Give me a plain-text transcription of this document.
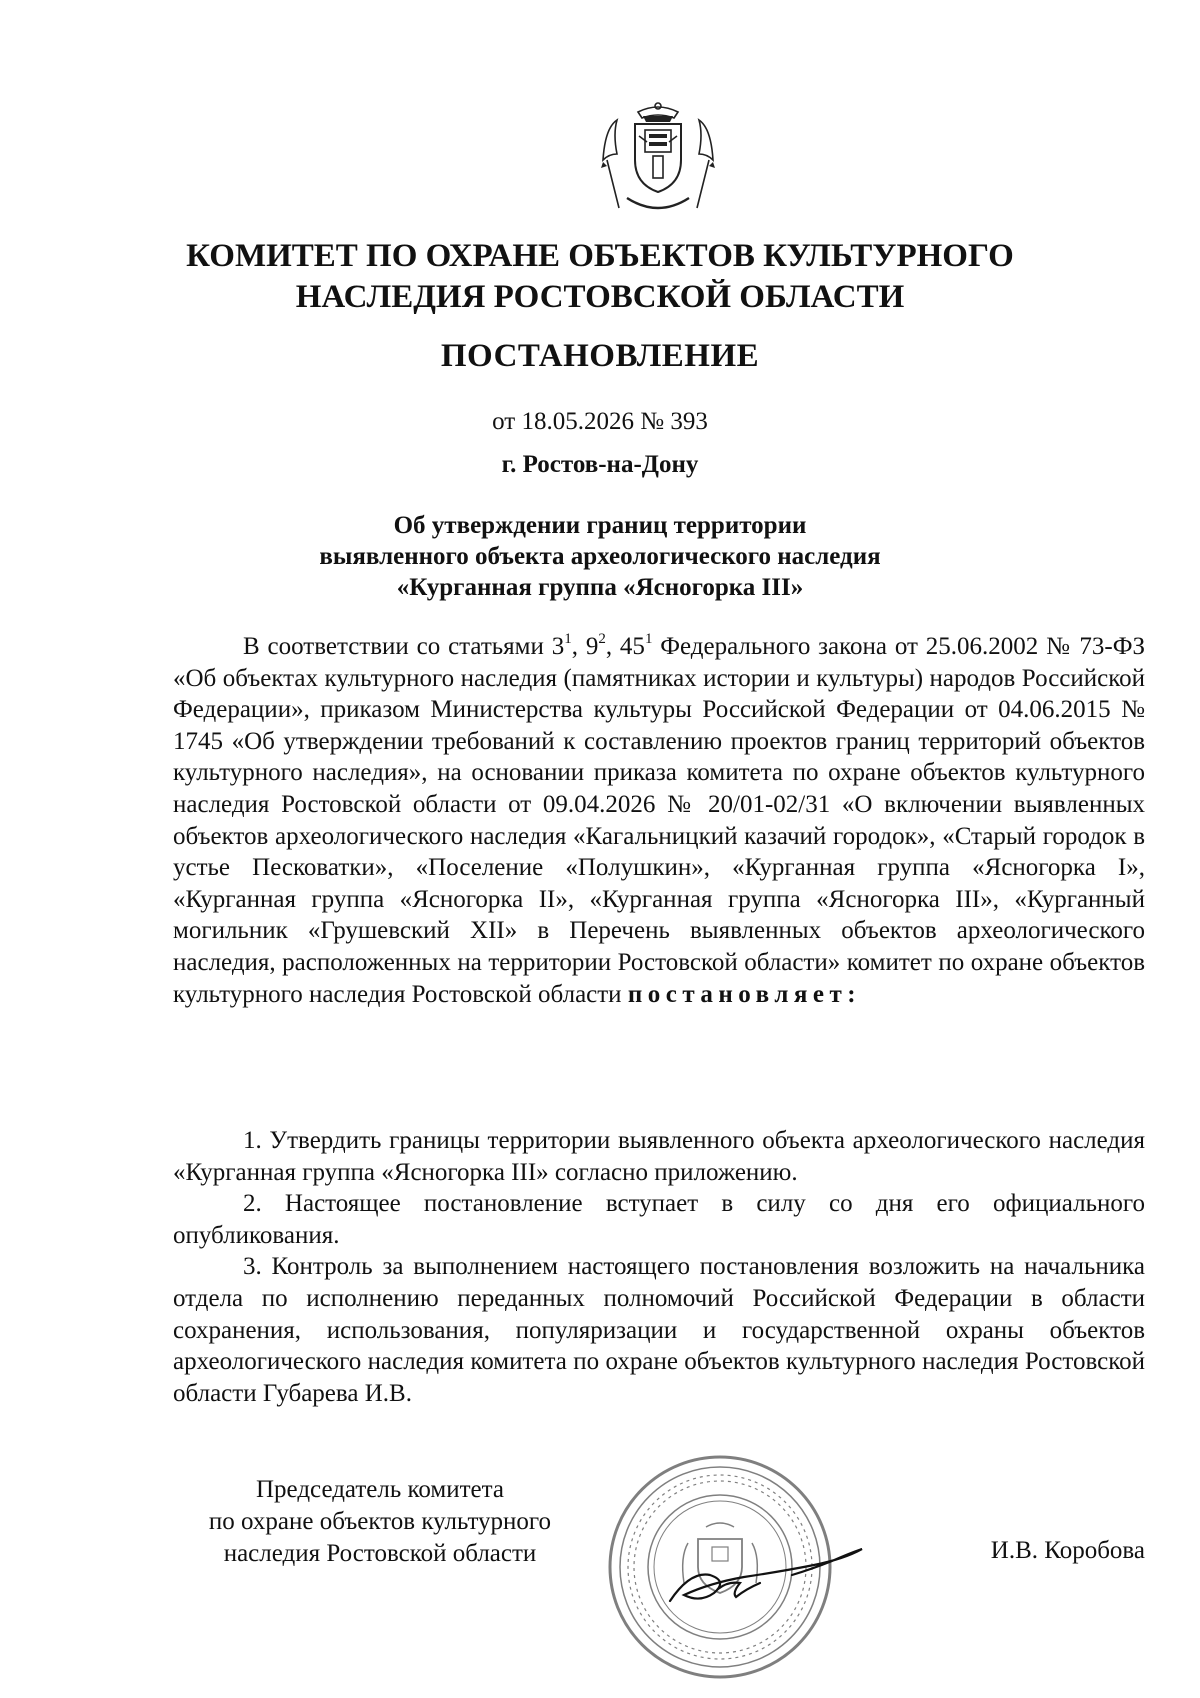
КОМИТЕТ ПО ОХРАНЕ ОБЪЕКТОВ КУЛЬТУРНОГО
НАСЛЕДИЯ РОСТОВСКОЙ ОБЛАСТИ
ПОСТАНОВЛЕНИЕ
от 18.05.2026 № 393
г. Ростов-на-Дону
Об утверждении границ территории
выявленного объекта археологического наследия
«Курганная группа «Ясногорка III»

В соответствии со статьями $3^1$, $9^2$, $45^1$ Федерального закона от 25.06.2002 № 73-ФЗ «Об объектах культурного наследия (памятниках истории и культуры) народов Российской Федерации», приказом Министерства культуры Российской Федерации от 04.06.2015 № 1745 «Об утверждении требований к составлению проектов границ территорий объектов культурного наследия», на основании приказа комитета по охране объектов культурного наследия Ростовской области от 09.04.2026 № 20/01-02/31 «О включении выявленных объектов археологического наследия «Кагальницкий казачий городок», «Старый городок в устье Песковатки», «Поселение «Полушкин», «Курганная группа «Ясногорка I», «Курганная группа «Ясногорка II», «Курганная группа «Ясногорка III», «Курганный могильник «Грушевский XII» в Перечень выявленных объектов археологического наследия, расположенных на территории Ростовской области» комитет по охране объектов культурного наследия Ростовской области постановляет:

1. Утвердить границы территории выявленного объекта археологического наследия «Курганная группа «Ясногорка III» согласно приложению.

2. Настоящее постановление вступает в силу со дня его официального опубликования.

3. Контроль за выполнением настоящего постановления возложить на начальника отдела по исполнению переданных полномочий Российской Федерации в области сохранения, использования, популяризации и государственной охраны объектов археологического наследия комитета по охране объектов культурного наследия Ростовской области Губарева И.В.

Председатель комитета
по охране объектов культурного
наследия Ростовской области	И.В. Коробова
